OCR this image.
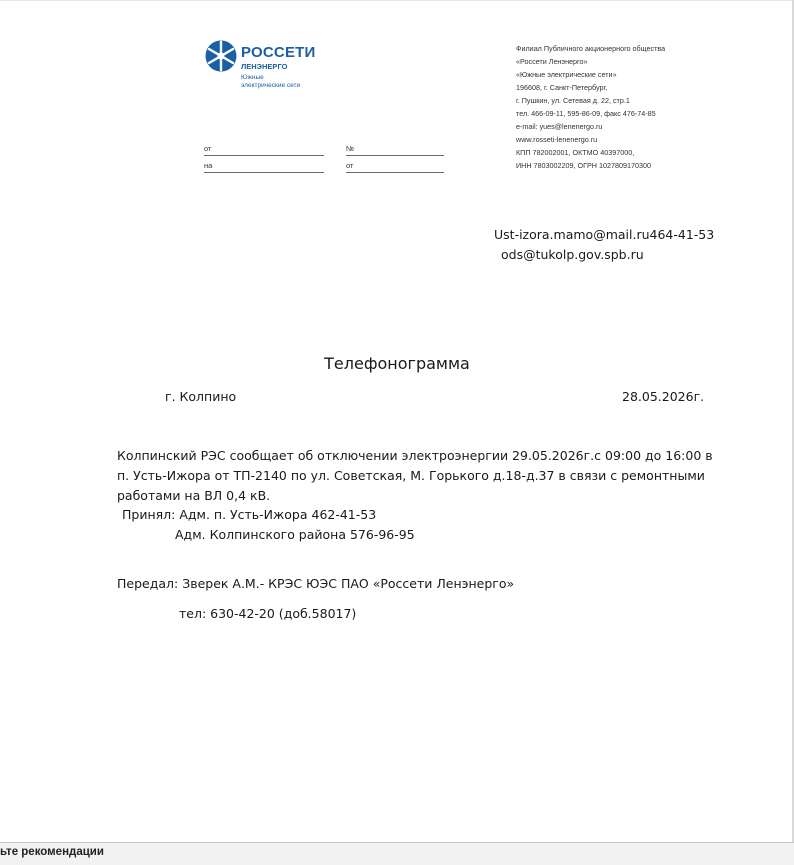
РОССЕТИ
ЛЕНЭНЕРГО
Южные
электрические сети
от	№
на	от
Филиал Публичного акционерного общества
«Россети Ленэнерго»
«Южные электрические сети»
196608, г. Санкт-Петербург,
г. Пушкин, ул. Сетевая д. 22, стр.1
тел. 466-09-11, 595-86-09, факс 476-74-85
e-mail: yues@lenenergo.ru
www.rosseti-lenenergo.ru
КПП 782002001, ОКТМО 40397000,
ИНН 7803002209, ОГРН 1027809170300
Ust-izora.mamo@mail.ru464-41-53
ods@tukolp.gov.spb.ru
Телефонограмма
г. Колпино	28.05.2026г.
Колпинский РЭС сообщает об отключении электроэнергии 29.05.2026г.с 09:00 до 16:00 в п. Усть-Ижора от ТП-2140 по ул. Советская, М. Горького д.18-д.37 в связи с ремонтными работами на ВЛ 0,4 кВ.
Принял: Адм. п. Усть-Ижора 462-41-53
Адм. Колпинского района 576-96-95
Передал: Зверек А.М.- КРЭС ЮЭС ПАО «Россети Ленэнерго»
тел: 630-42-20 (доб.58017)
ьте рекомендации
